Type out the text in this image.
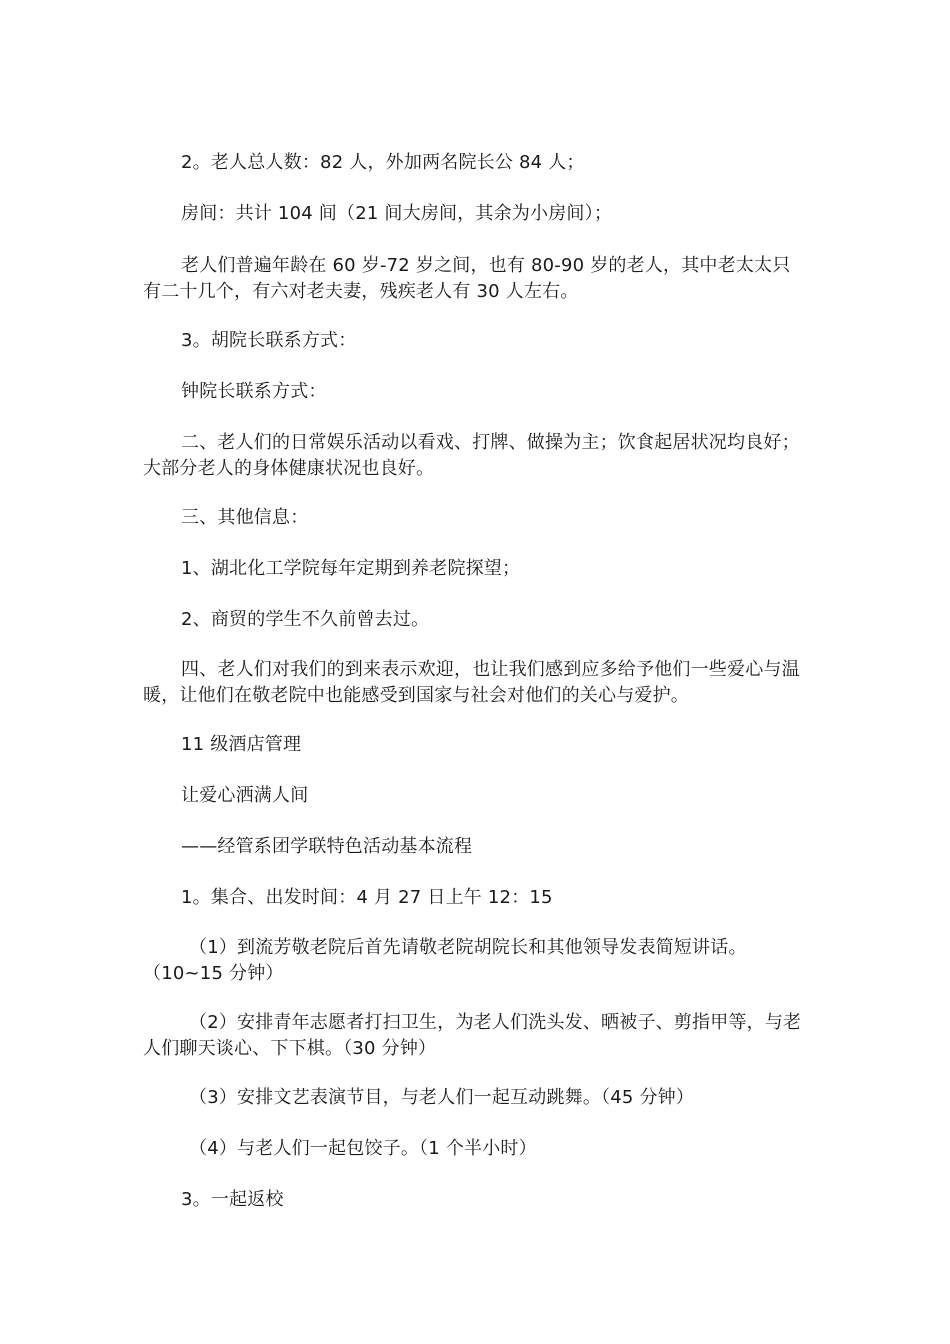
2。老人总人数：82 人，外加两名院长公 84 人；

房间：共计 104 间（21 间大房间，其余为小房间）；

老人们普遍年龄在 60 岁-72 岁之间，也有 80-90 岁的老人，其中老太太只有二十几个，有六对老夫妻，残疾老人有 30 人左右。

3。胡院长联系方式：

钟院长联系方式：

二、老人们的日常娱乐活动以看戏、打牌、做操为主；饮食起居状况均良好；大部分老人的身体健康状况也良好。

三、其他信息：

1、湖北化工学院每年定期到养老院探望；

2、商贸的学生不久前曾去过。

四、老人们对我们的到来表示欢迎，也让我们感到应多给予他们一些爱心与温暖，让他们在敬老院中也能感受到国家与社会对他们的关心与爱护。

11 级酒店管理

让爱心洒满人间

——经管系团学联特色活动基本流程

1。集合、出发时间：4 月 27 日上午 12：15

（1）到流芳敬老院后首先请敬老院胡院长和其他领导发表简短讲话。（10~15 分钟）

（2）安排青年志愿者打扫卫生，为老人们洗头发、晒被子、剪指甲等，与老人们聊天谈心、下下棋。（30 分钟）

（3）安排文艺表演节目，与老人们一起互动跳舞。（45 分钟）

（4）与老人们一起包饺子。（1 个半小时）

3。一起返校
